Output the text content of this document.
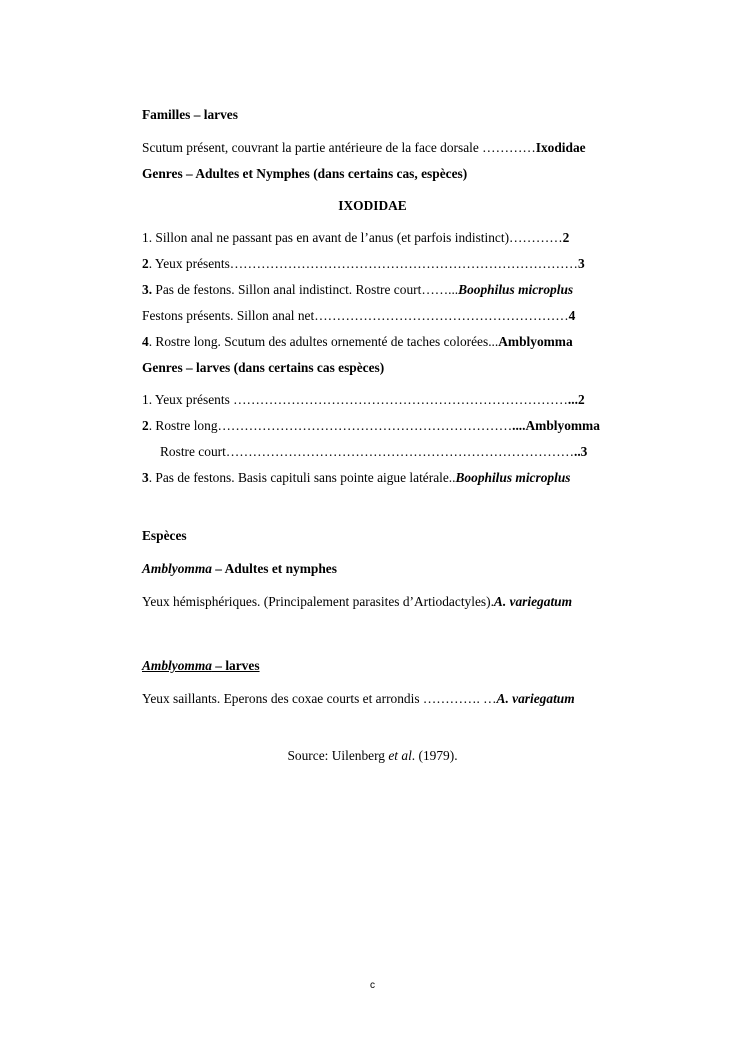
Familles – larves
Scutum présent, couvrant la partie antérieure de la face dorsale …………Ixodidae
Genres – Adultes et Nymphes (dans certains cas, espèces)
IXODIDAE
1. Sillon anal ne passant pas en avant de l’anus (et parfois indistinct)…………2
2. Yeux présents……………………………………………………………………3
3. Pas de festons. Sillon anal indistinct. Rostre court……...Boophilus microplus
Festons présents. Sillon anal net…………………………………………………4
4. Rostre long. Scutum des adultes ornementé de taches colorées...Amblyomma
Genres – larves (dans certains cas espèces)
1. Yeux présents …………………………………………………………………...2
2. Rostre long…………………………………………………………....Amblyomma
Rostre court……………………………………………………………………..3
3. Pas de festons. Basis capituli sans pointe aigue latérale..Boophilus microplus
Espèces
Amblyomma – Adultes et nymphes
Yeux hémisphériques. (Principalement parasites d’Artiodactyles).A. variegatum
Amblyomma – larves
Yeux saillants. Eperons des coxae courts et arrondis …………. …A. variegatum
Source: Uilenberg et al. (1979).
c
